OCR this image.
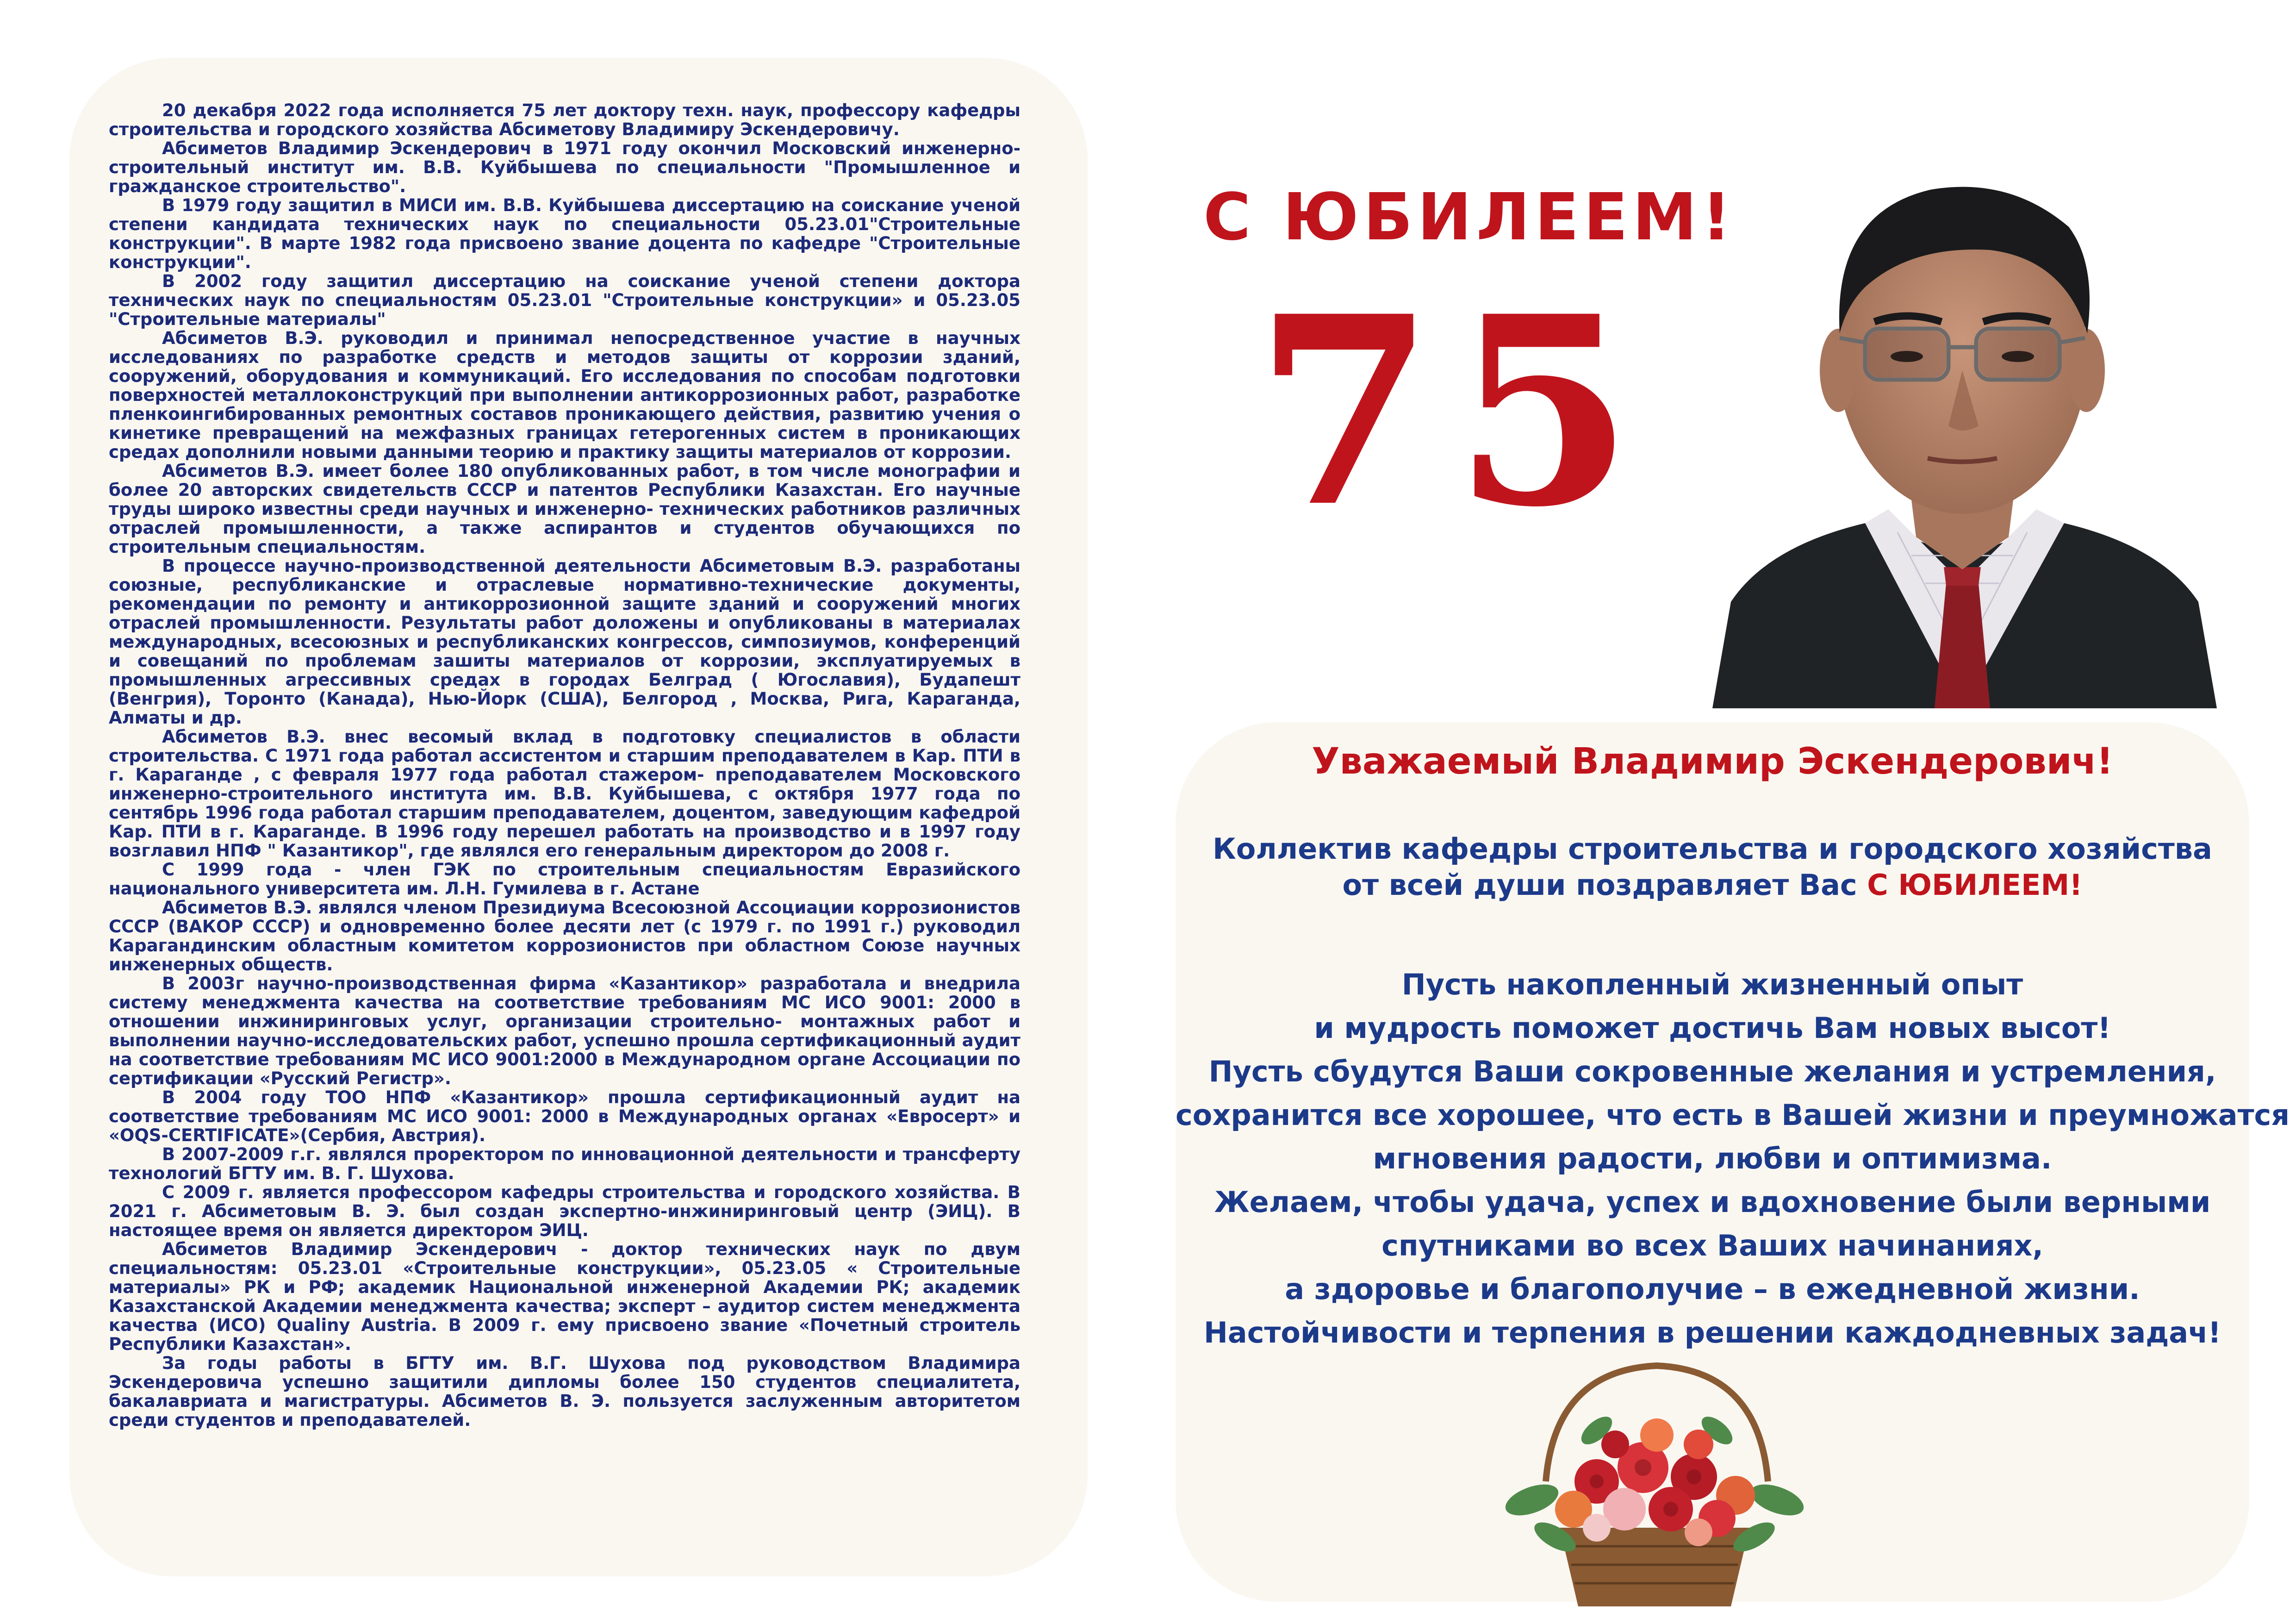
20 декабря 2022 года исполняется 75 лет доктору техн. наук, профессору кафедры строительства и городского хозяйства Абсиметову Владимиру Эскендеровичу.

Абсиметов Владимир Эскендерович в 1971 году окончил Московский инженерно-строительный институт им. В.В. Куйбышева по специальности "Промышленное и гражданское строительство".

В 1979 году защитил в МИСИ им. В.В. Куйбышева диссертацию на соискание ученой степени кандидата технических наук по специальности 05.23.01"Строительные конструкции". В марте 1982 года присвоено звание доцента по кафедре "Строительные конструкции".

В 2002 году защитил диссертацию на соискание ученой степени доктора технических наук по специальностям 05.23.01 "Строительные конструкции» и 05.23.05 "Строительные материалы"

Абсиметов В.Э. руководил и принимал непосредственное участие в научных исследованиях по разработке средств и методов защиты от коррозии зданий, сооружений, оборудования и коммуникаций. Его исследования по способам подготовки поверхностей металлоконструкций при выполнении антикоррозионных работ, разработке пленкоингибированных ремонтных составов проникающего действия, развитию учения о кинетике превращений на межфазных границах гетерогенных систем в проникающих средах дополнили новыми данными теорию и практику защиты материалов от коррозии.

Абсиметов В.Э. имеет более 180 опубликованных работ, в том числе монографии и более 20 авторских свидетельств СССР и патентов Республики Казахстан. Его научные труды широко известны среди научных и инженерно- технических работников различных отраслей промышленности, а также аспирантов и студентов обучающихся по строительным специальностям.

В процессе научно-производственной деятельности Абсиметовым В.Э. разработаны союзные, республиканские и отраслевые нормативно-технические документы, рекомендации по ремонту и антикоррозионной защите зданий и сооружений многих отраслей промышленности. Результаты работ доложены и опубликованы в материалах международных, всесоюзных и республиканских конгрессов, симпозиумов, конференций и совещаний по проблемам зашиты материалов от коррозии, эксплуатируемых в промышленных агрессивных средах в городах Белград ( Югославия), Будапешт (Венгрия), Торонто (Канада), Нью-Йорк (США), Белгород , Москва, Рига, Караганда, Алматы и др.

Абсиметов В.Э. внес весомый вклад в подготовку специалистов в области строительства. С 1971 года работал ассистентом и старшим преподавателем в Кар. ПТИ в г. Караганде , с февраля 1977 года работал стажером- преподавателем Московского инженерно-строительного института им. В.В. Куйбышева, с октября 1977 года по сентябрь 1996 года работал старшим преподавателем, доцентом, заведующим кафедрой Кар. ПТИ в г. Караганде. В 1996 году перешел работать на производство и в 1997 году возглавил НПФ " Казантикор", где являлся его генеральным директором до 2008 г.

С 1999 года - член ГЭК по строительным специальностям Евразийского национального университета им. Л.Н. Гумилева в г. Астане

Абсиметов В.Э. являлся членом Президиума Всесоюзной Ассоциации коррозионистов СССР (ВАКОР СССР) и одновременно более десяти лет (с 1979 г. по 1991 г.) руководил Карагандинским областным комитетом коррозионистов при областном Союзе научных инженерных обществ.

В 2003г научно-производственная фирма «Казантикор» разработала и внедрила систему менеджмента качества на соответствие требованиям МС ИСО 9001: 2000 в отношении инжиниринговых услуг, организации строительно- монтажных работ и выполнении научно-исследовательских работ, успешно прошла сертификационный аудит на соответствие требованиям МС ИСО 9001:2000 в Международном органе Ассоциации по сертификации «Русский Регистр».

В 2004 году ТОО НПФ «Казантикор» прошла сертификационный аудит на соответствие требованиям МС ИСО 9001: 2000 в Международных органах «Евросерт» и «OQS-CERTIFICATE»(Сербия, Австрия).

В 2007-2009 г.г. являлся проректором по инновационной деятельности и трансферту технологий БГТУ им. В. Г. Шухова.

С 2009 г. является профессором кафедры строительства и городского хозяйства. В 2021 г. Абсиметовым В. Э. был создан экспертно-инжиниринговый центр (ЭИЦ). В настоящее время он является директором ЭИЦ.

Абсиметов Владимир Эскендерович - доктор технических наук по двум специальностям: 05.23.01 «Строительные конструкции», 05.23.05 « Строительные материалы» РК и РФ; академик Национальной инженерной Академии РК; академик Казахстанской Академии менеджмента качества; эксперт – аудитор систем менеджмента качества (ИСО) Qualiny Austria. В 2009 г. ему присвоено звание «Почетный строитель Республики Казахстан».

За годы работы в БГТУ им. В.Г. Шухова под руководством Владимира Эскендеровича успешно защитили дипломы более 150 студентов специалитета, бакалавриата и магистратуры. Абсиметов В. Э. пользуется заслуженным авторитетом среди студентов и преподавателей.

С ЮБИЛЕЕМ!
75
Уважаемый Владимир Эскендерович!
Коллектив кафедры строительства и городского хозяйства
от всей души поздравляет Вас С ЮБИЛЕЕМ!
Пусть накопленный жизненный опыт
и мудрость поможет достичь Вам новых высот!
Пусть сбудутся Ваши сокровенные желания и устремления,
сохранится все хорошее, что есть в Вашей жизни и преумножатся
мгновения радости, любви и оптимизма.
Желаем, чтобы удача, успех и вдохновение были верными
спутниками во всех Ваших начинаниях,
а здоровье и благополучие – в ежедневной жизни.
Настойчивости и терпения в решении каждодневных задач!
